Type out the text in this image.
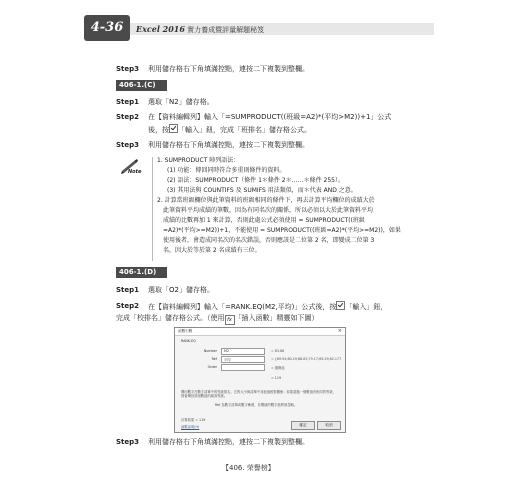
4-36	Excel 2016 實力養成暨評量解題秘笈
Step3 利用儲存格右下角填滿控點，連按二下複製到整欄。
406-1.(C)
Step1 選取「N2」儲存格。
Step2 在【資料編輯列】輸入「=SUMPRODUCT((班級=A2)*(平均>M2))+1」公式
後，按 「輸入」鈕，完成「班排名」儲存格公式。
Step3 利用儲存格右下角填滿控點，連按二下複製到整欄。
Note
1. SUMPRODUCT 陣列語法：
(1) 功能：傳回同時符合多重則條件的資料。
(2) 語法：SUMPRODUCT（條件 1＊條件 2＊……＊條件 255）。
(3) 其用法與 COUNTIFS 及 SUMIFS 用法類似，而＊代表 AND 之意。
2. 計算當班級欄位與此筆資料的班級相同的條件下，再去計算平均欄位的成績大於
此筆資料平均成績的筆數，因為有同名次的關係，所以必須以大於此筆資料平均
成績的比數再加 1 來計算，否則此處公式必須使用 = SUMPRODUCT((班級
=A2)*(平均>=M2))+1，不能使用 = SUMPRODUCT((班級=A2)*(平均>=M2))，如果
使用後者，會造成同名次的名次錯誤，否則應該是二位第 2 名，即變成二位第 3
名，因大於等於第 2 名成績有三位。
406-1.(D)
Step1 選取「O2」儲存格。
Step2 在【資料編輯列】輸入「=RANK.EQ(M2,平均)」公式後，按 「輸入」鈕，
完成「校排名」儲存格公式。（使用 fx 「插入函數」精靈如下圖）
函數引數	×
RANK.EQ
Number M2	= 83.86
Ref 平均	= {69.94;80.19;86.83;79.17;89.29;82.177
Order	= 邏輯值
= 119
傳回數字在數字清單中的等級排名，它的大小與清單中其他值相對關係；如果超過一個數值有相同的等級，則會傳回該組數值的最高等級。
Ref 為數字清單或數字參照，非數值的數字值將被忽略。
計算結果 = 119
函數說明(H)	確定	取消
Step3 利用儲存格右下角填滿控點，連按二下複製到整欄。
【406. 荣譽榜】
